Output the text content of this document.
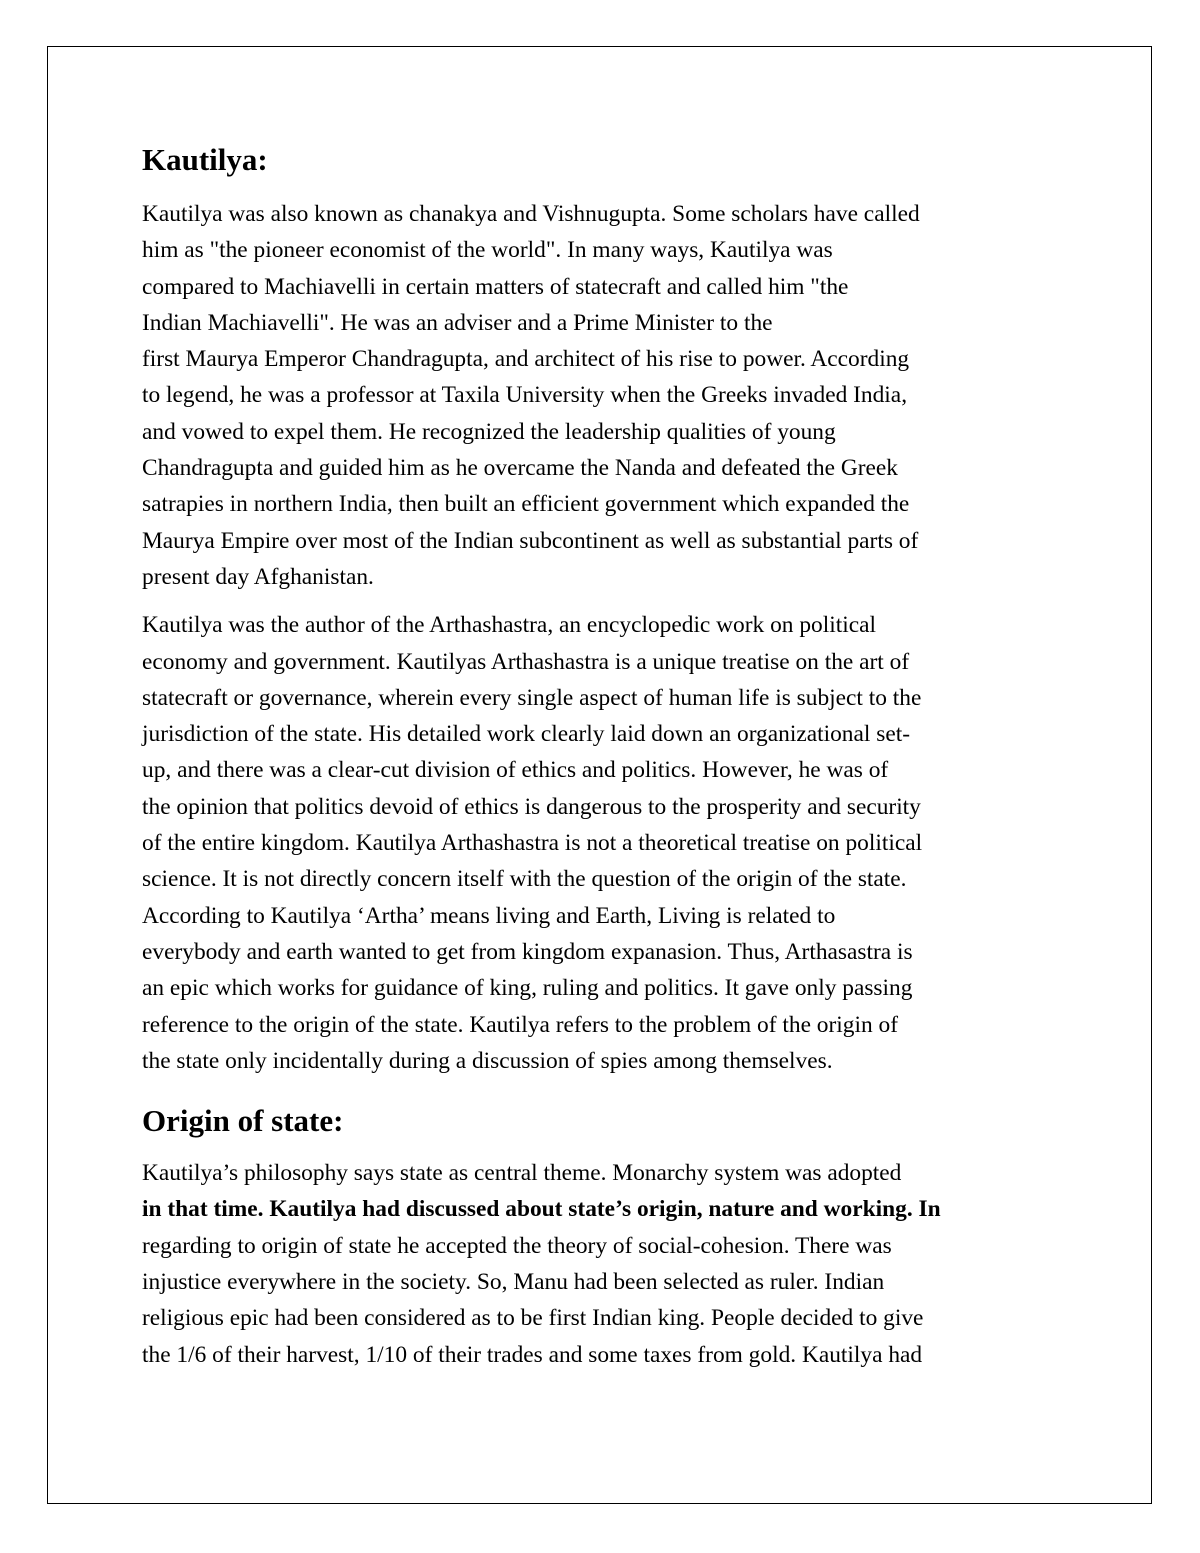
Kautilya:
Kautilya was also known as chanakya and Vishnugupta. Some scholars have called
him as "the pioneer economist of the world". In many ways, Kautilya was
compared to Machiavelli in certain matters of statecraft and called him "the
Indian Machiavelli". He was an adviser and a Prime Minister to the
first Maurya Emperor Chandragupta, and architect of his rise to power. According
to legend, he was a professor at Taxila University when the Greeks invaded India,
and vowed to expel them. He recognized the leadership qualities of young
Chandragupta and guided him as he overcame the Nanda and defeated the Greek
satrapies in northern India, then built an efficient government which expanded the
Maurya Empire over most of the Indian subcontinent as well as substantial parts of
present day Afghanistan.
Kautilya was the author of the Arthashastra, an encyclopedic work on political
economy and government. Kautilyas Arthashastra is a unique treatise on the art of
statecraft or governance, wherein every single aspect of human life is subject to the
jurisdiction of the state. His detailed work clearly laid down an organizational set-
up, and there was a clear-cut division of ethics and politics. However, he was of
the opinion that politics devoid of ethics is dangerous to the prosperity and security
of the entire kingdom. Kautilya Arthashastra is not a theoretical treatise on political
science. It is not directly concern itself with the question of the origin of the state.
According to Kautilya ‘Artha’ means living and Earth, Living is related to
everybody and earth wanted to get from kingdom expanasion. Thus, Arthasastra is
an epic which works for guidance of king, ruling and politics. It gave only passing
reference to the origin of the state. Kautilya refers to the problem of the origin of
the state only incidentally during a discussion of spies among themselves.
Origin of state:
Kautilya’s philosophy says state as central theme. Monarchy system was adopted
in that time. Kautilya had discussed about state’s origin, nature and working. In
regarding to origin of state he accepted the theory of social-cohesion. There was
injustice everywhere in the society. So, Manu had been selected as ruler. Indian
religious epic had been considered as to be first Indian king. People decided to give
the 1/6 of their harvest, 1/10 of their trades and some taxes from gold. Kautilya had
